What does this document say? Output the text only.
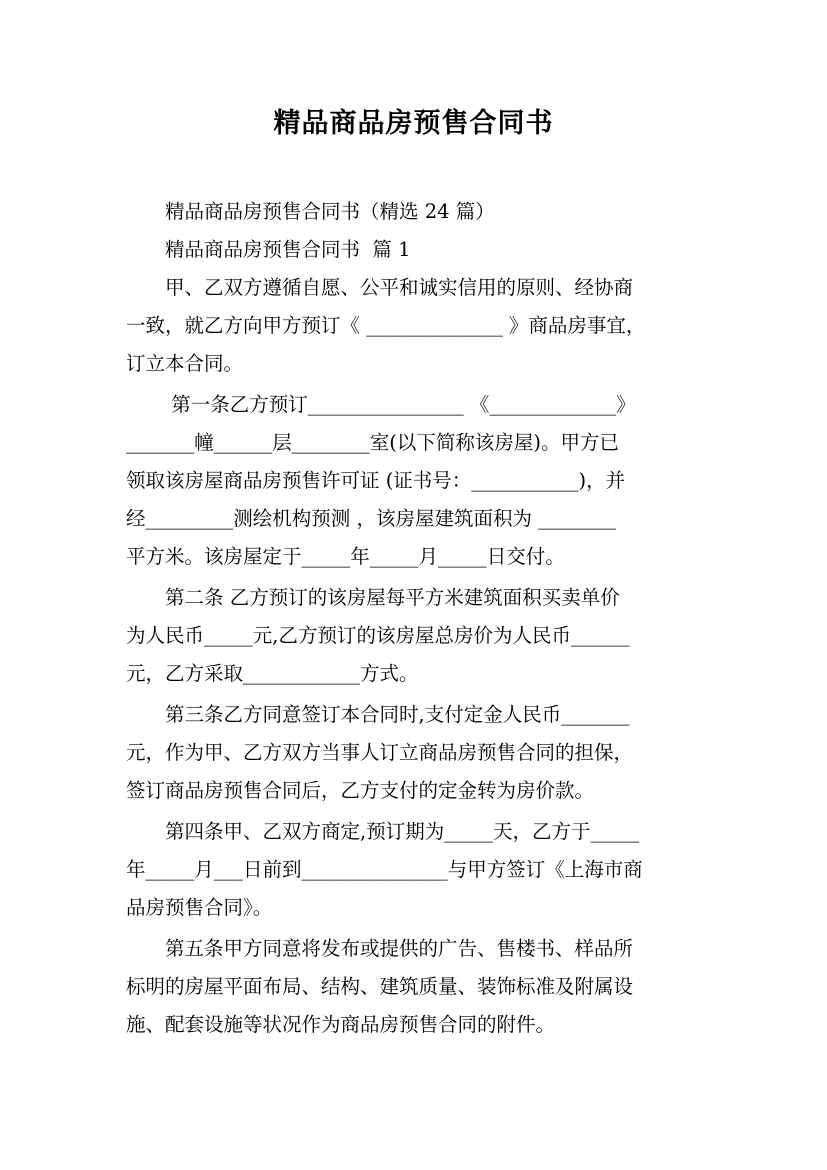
精品商品房预售合同书
　　精品商品房预售合同书（精选 24 篇）
　　精品商品房预售合同书  篇 1
　　甲、乙双方遵循自愿、公平和诚实信用的原则、经协商
一致，就乙方向甲方预订《 ______________ 》商品房事宜，
订立本合同。
　　 第一条乙方预订________________ 《_____________》
_______幢______层________室(以下简称该房屋)。甲方已
领取该房屋商品房预售许可证 (证书号：___________)，并
经_________测绘机构预测 ，该房屋建筑面积为 ________
平方米。该房屋定于_____年_____月_____日交付。
　　第二条 乙方预订的该房屋每平方米建筑面积买卖单价
为人民币_____元,乙方预订的该房屋总房价为人民币______
元，乙方采取____________方式。
　　第三条乙方同意签订本合同时,支付定金人民币_______
元，作为甲、乙方双方当事人订立商品房预售合同的担保，
签订商品房预售合同后，乙方支付的定金转为房价款。
　　第四条甲、乙双方商定,预订期为_____天，乙方于_____
年_____月___日前到_______________与甲方签订《上海市商
品房预售合同》。
　　第五条甲方同意将发布或提供的广告、售楼书、样品所
标明的房屋平面布局、结构、建筑质量、装饰标准及附属设
施、配套设施等状况作为商品房预售合同的附件。
